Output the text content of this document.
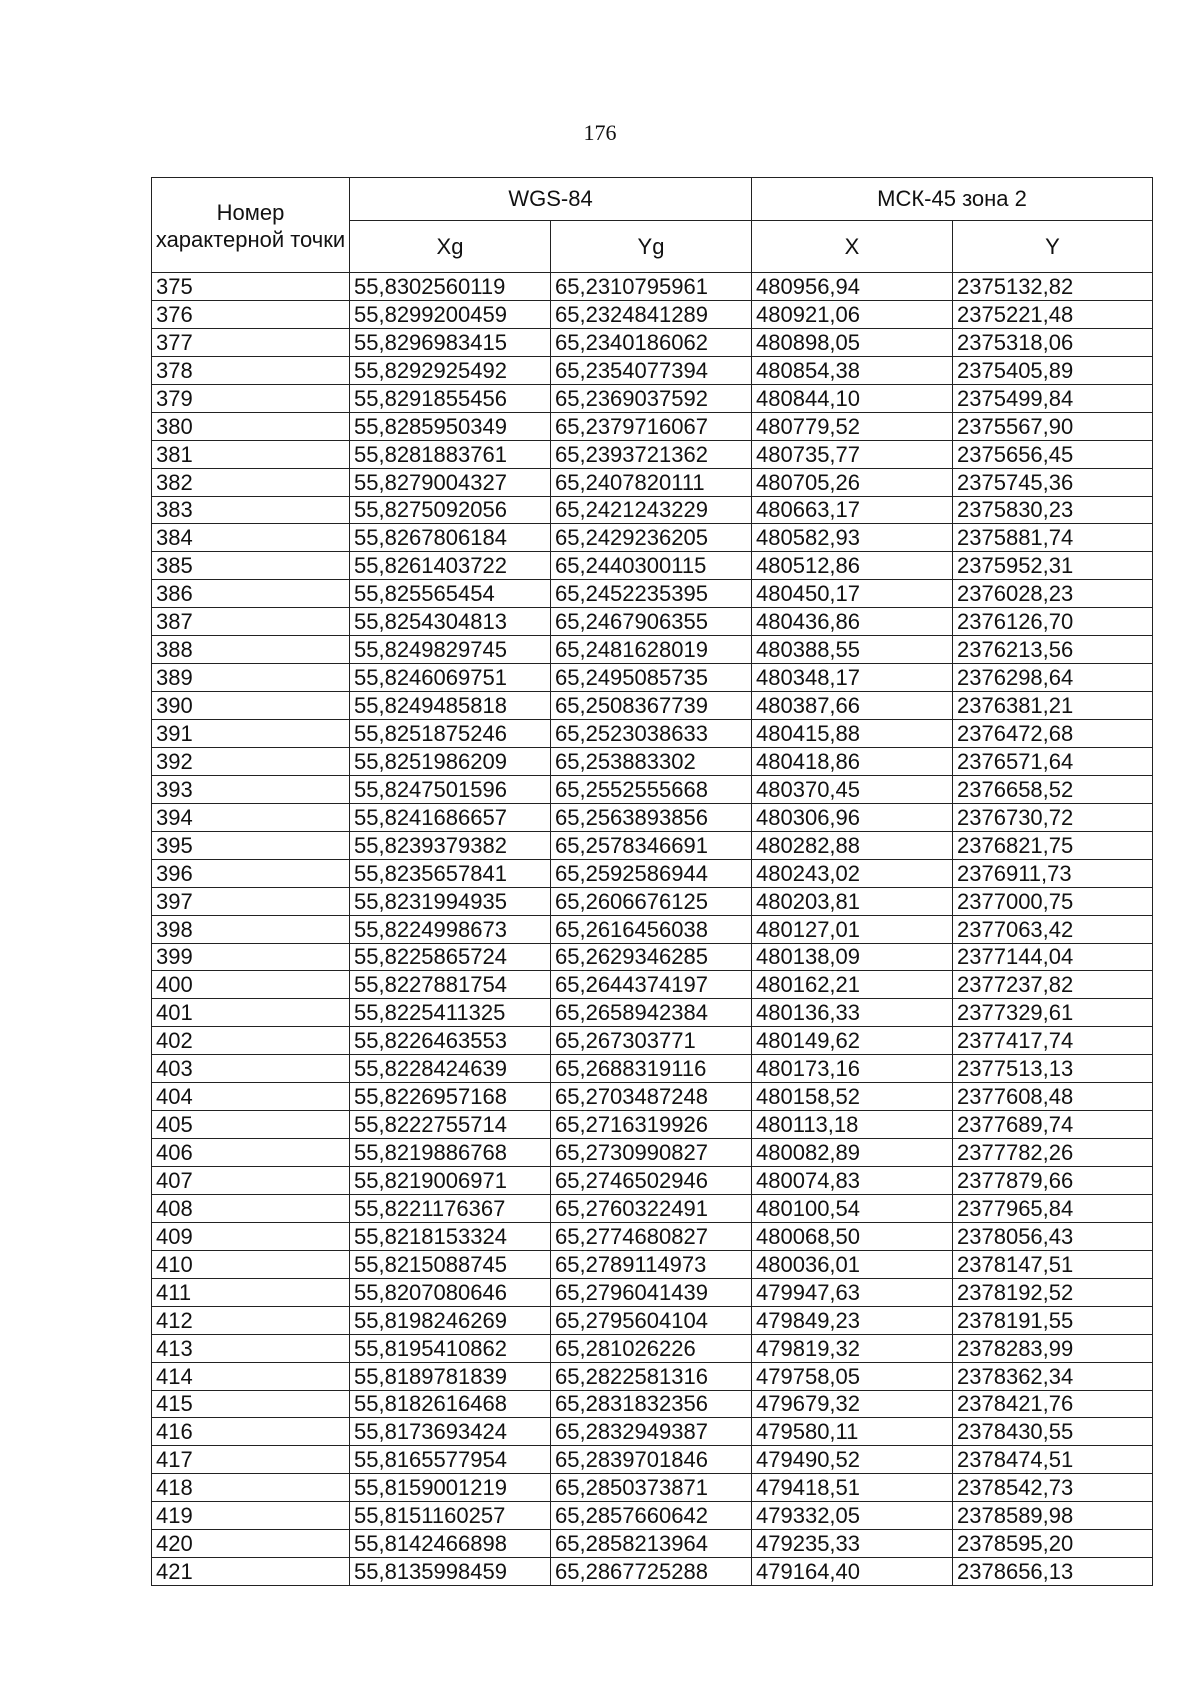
176
Номер характерной точки	WGS-84		МСК-45 зона 2	
	Xg	Yg	X	Y
375	55,8302560119	65,2310795961	480956,94	2375132,82
376	55,8299200459	65,2324841289	480921,06	2375221,48
377	55,8296983415	65,2340186062	480898,05	2375318,06
378	55,8292925492	65,2354077394	480854,38	2375405,89
379	55,8291855456	65,2369037592	480844,10	2375499,84
380	55,8285950349	65,2379716067	480779,52	2375567,90
381	55,8281883761	65,2393721362	480735,77	2375656,45
382	55,8279004327	65,2407820111	480705,26	2375745,36
383	55,8275092056	65,2421243229	480663,17	2375830,23
384	55,8267806184	65,2429236205	480582,93	2375881,74
385	55,8261403722	65,2440300115	480512,86	2375952,31
386	55,825565454	65,2452235395	480450,17	2376028,23
387	55,8254304813	65,2467906355	480436,86	2376126,70
388	55,8249829745	65,2481628019	480388,55	2376213,56
389	55,8246069751	65,2495085735	480348,17	2376298,64
390	55,8249485818	65,2508367739	480387,66	2376381,21
391	55,8251875246	65,2523038633	480415,88	2376472,68
392	55,8251986209	65,253883302	480418,86	2376571,64
393	55,8247501596	65,2552555668	480370,45	2376658,52
394	55,8241686657	65,2563893856	480306,96	2376730,72
395	55,8239379382	65,2578346691	480282,88	2376821,75
396	55,8235657841	65,2592586944	480243,02	2376911,73
397	55,8231994935	65,2606676125	480203,81	2377000,75
398	55,8224998673	65,2616456038	480127,01	2377063,42
399	55,8225865724	65,2629346285	480138,09	2377144,04
400	55,8227881754	65,2644374197	480162,21	2377237,82
401	55,8225411325	65,2658942384	480136,33	2377329,61
402	55,8226463553	65,267303771	480149,62	2377417,74
403	55,8228424639	65,2688319116	480173,16	2377513,13
404	55,8226957168	65,2703487248	480158,52	2377608,48
405	55,8222755714	65,2716319926	480113,18	2377689,74
406	55,8219886768	65,2730990827	480082,89	2377782,26
407	55,8219006971	65,2746502946	480074,83	2377879,66
408	55,8221176367	65,2760322491	480100,54	2377965,84
409	55,8218153324	65,2774680827	480068,50	2378056,43
410	55,8215088745	65,2789114973	480036,01	2378147,51
411	55,8207080646	65,2796041439	479947,63	2378192,52
412	55,8198246269	65,2795604104	479849,23	2378191,55
413	55,8195410862	65,281026226	479819,32	2378283,99
414	55,8189781839	65,2822581316	479758,05	2378362,34
415	55,8182616468	65,2831832356	479679,32	2378421,76
416	55,8173693424	65,2832949387	479580,11	2378430,55
417	55,8165577954	65,2839701846	479490,52	2378474,51
418	55,8159001219	65,2850373871	479418,51	2378542,73
419	55,8151160257	65,2857660642	479332,05	2378589,98
420	55,8142466898	65,2858213964	479235,33	2378595,20
421	55,8135998459	65,2867725288	479164,40	2378656,13
